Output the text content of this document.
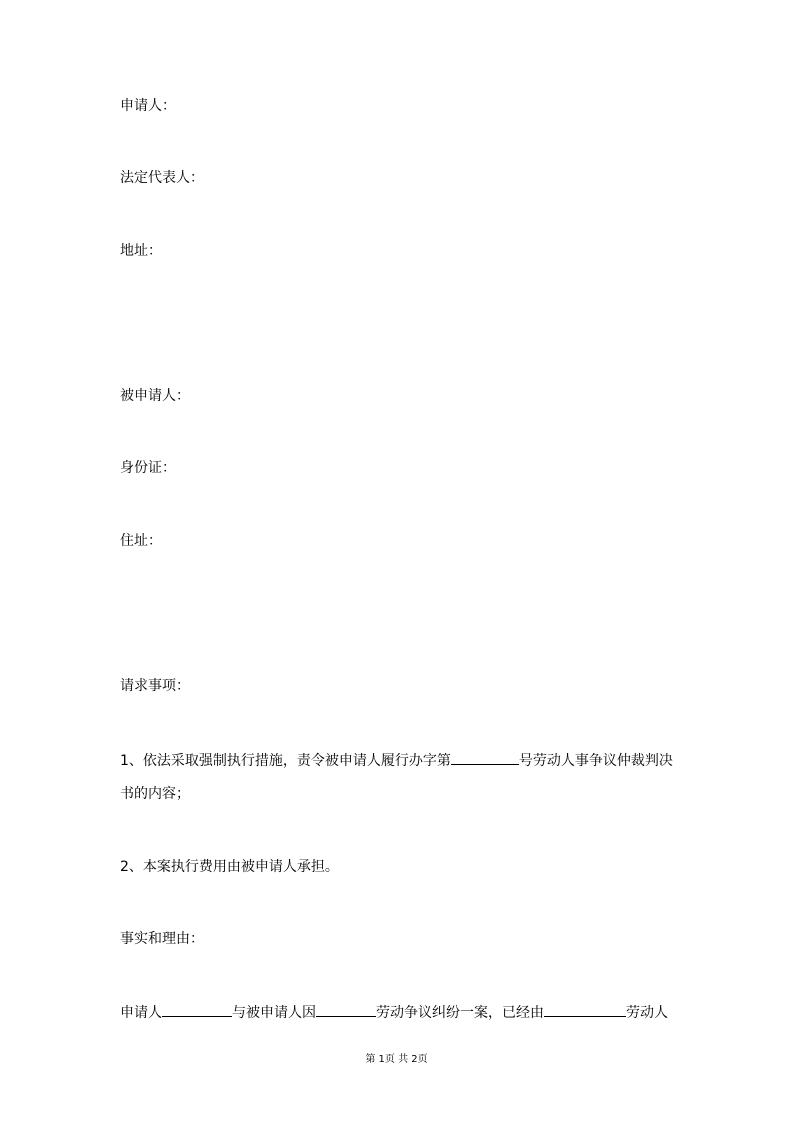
申请人：
法定代表人：
地址：
被申请人：
身份证：
住址：
请求事项：
1、依法采取强制执行措施，责令被申请人履行办字第	号劳动人事争议仲裁判决
书的内容；
2、本案执行费用由被申请人承担。
事实和理由：
申请人	与被申请人因	劳动争议纠纷一案，已经由	劳动人
第 1页 共 2页
